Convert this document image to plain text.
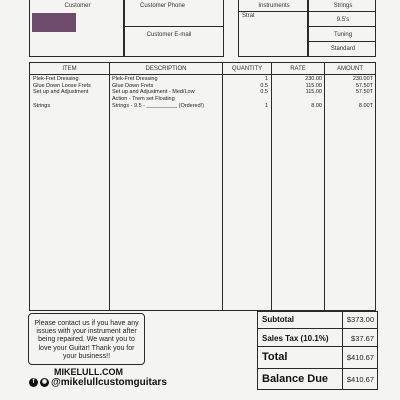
Customer	Customer Phone
Customer E-mail
Instruments
Strat
Strings
9.5's
Tuning
Standard
ITEM	DESCRIPTION	QUANTITY	RATE	AMOUNT
Plek-Fret Dressing	Plek-Fret Dressing	1	230.00	230.00T
Glue Down Loose Frets	Glue Down Frets	0.5	115.00	57.50T
Set up and Adjustment	Set up and Adjustment - Med/Low	0.5	115.00	57.50T
Action - Trem set Floating
Strings	Strings - 9.5 - __________ (Ordered!)	1	8.00	8.00T
Please contact us if you have any issues with your instrument after being repaired. We want you to love your Guitar! Thank you for your business!!
MIKELULL.COM
f	◉ @mikelullcustomguitars
Subtotal	$373.00
Sales Tax (10.1%)	$37.67
Total	$410.67
Balance Due	$410.67
